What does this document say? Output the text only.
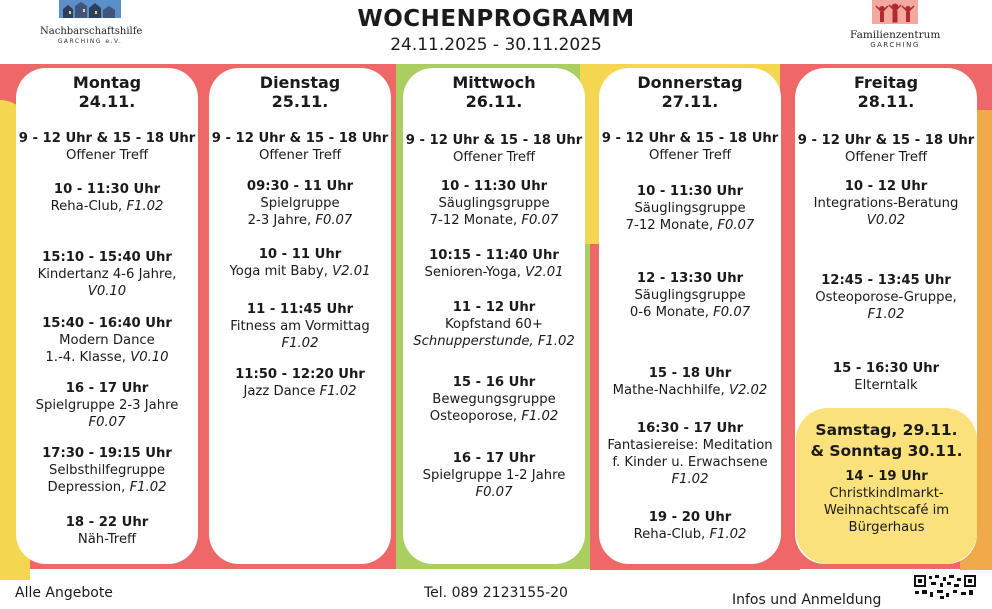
Nachbarschaftshilfe
GARCHING e.V.
WOCHENPROGRAMM
24.11.2025 - 30.11.2025	Familienzentrum
GARCHING
Montag
24.11.
9 - 12 Uhr & 15 - 18 Uhr
Offener Treff
10 - 11:30 Uhr
Reha-Club, F1.02
15:10 - 15:40 Uhr
Kindertanz 4-6 Jahre,
V0.10
15:40 - 16:40 Uhr
Modern Dance
1.-4. Klasse, V0.10
16 - 17 Uhr
Spielgruppe 2-3 Jahre
F0.07
17:30 - 19:15 Uhr
Selbsthilfegruppe
Depression, F1.02
18 - 22 Uhr
Näh-Treff
Dienstag
25.11.
9 - 12 Uhr & 15 - 18 Uhr
Offener Treff
09:30 - 11 Uhr
Spielgruppe
2-3 Jahre, F0.07
10 - 11 Uhr
Yoga mit Baby, V2.01
11 - 11:45 Uhr
Fitness am Vormittag
F1.02
11:50 - 12:20 Uhr
Jazz Dance F1.02
Mittwoch
26.11.
9 - 12 Uhr & 15 - 18 Uhr
Offener Treff
10 - 11:30 Uhr
Säuglingsgruppe
7-12 Monate, F0.07
10:15 - 11:40 Uhr
Senioren-Yoga, V2.01
11 - 12 Uhr
Kopfstand 60+
Schnupperstunde, F1.02
15 - 16 Uhr
Bewegungsgruppe
Osteoporose, F1.02
16 - 17 Uhr
Spielgruppe 1-2 Jahre
F0.07
Donnerstag
27.11.
9 - 12 Uhr & 15 - 18 Uhr
Offener Treff
10 - 11:30 Uhr
Säuglingsgruppe
7-12 Monate, F0.07
12 - 13:30 Uhr
Säuglingsgruppe
0-6 Monate, F0.07
15 - 18 Uhr
Mathe-Nachhilfe, V2.02
16:30 - 17 Uhr
Fantasiereise: Meditation
f. Kinder u. Erwachsene
F1.02
19 - 20 Uhr
Reha-Club, F1.02
Freitag
28.11.
9 - 12 Uhr & 15 - 18 Uhr
Offener Treff
10 - 12 Uhr
Integrations-Beratung
V0.02
12:45 - 13:45 Uhr
Osteoporose-Gruppe,
F1.02
15 - 16:30 Uhr
Elterntalk
Samstag, 29.11.
& Sonntag 30.11.
14 - 19 Uhr
Christkindlmarkt-
Weihnachtscafé im
Bürgerhaus
Alle Angebote	Tel. 089 2123155-20	Infos und Anmeldung
